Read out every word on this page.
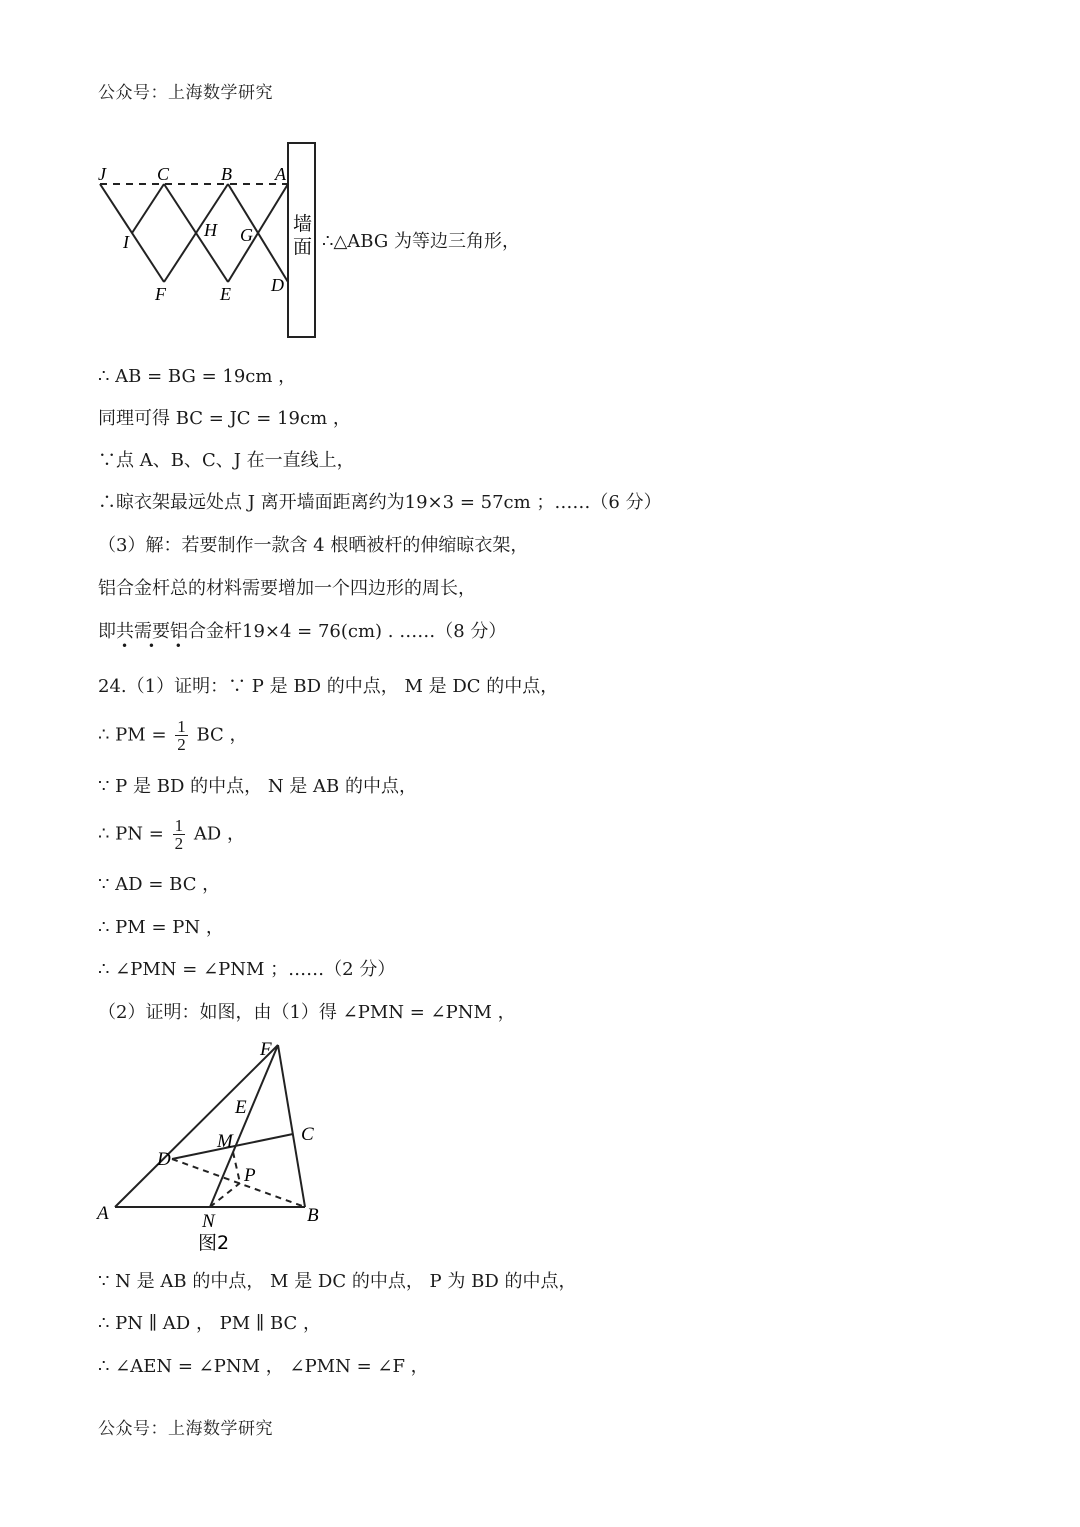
公众号：上海数学研究
J	C	B A
I
H G
F	E D
墙
面 ∴△ABG 为等边三角形，
∴ AB = BG = 19cm ，
同理可得 BC = JC = 19cm ，
∵点 A、B、C、J 在一直线上，
∴晾衣架最远处点 J 离开墙面距离约为19×3 = 57cm ；……（6 分）
（3）解：若要制作一款含 4 根晒被杆的伸缩晾衣架，
铝合金杆总的材料需要增加一个四边形的周长，
即共需要铝合金杆19×4 = 76(cm) . ……（8 分）
• • •
24.（1）证明：∵ P 是 BD 的中点， M 是 DC 的中点，
∴ PM = $\frac{1}{2}$ BC ，
∵ P 是 BD 的中点， N 是 AB 的中点，
∴ PN = $\frac{1}{2}$ AD ，
∵ AD = BC ，
∴ PM = PN ，
∴ ∠PMN = ∠PNM ；……（2 分）
（2）证明：如图，由（1）得 ∠PMN = ∠PNM ，
F
E
C
M
D
P
A	N	B
图2
∵ N 是 AB 的中点， M 是 DC 的中点， P 为 BD 的中点，
∴ PN ∥ AD ， PM ∥ BC ，
∴ ∠AEN = ∠PNM ， ∠PMN = ∠F ，
公众号：上海数学研究
